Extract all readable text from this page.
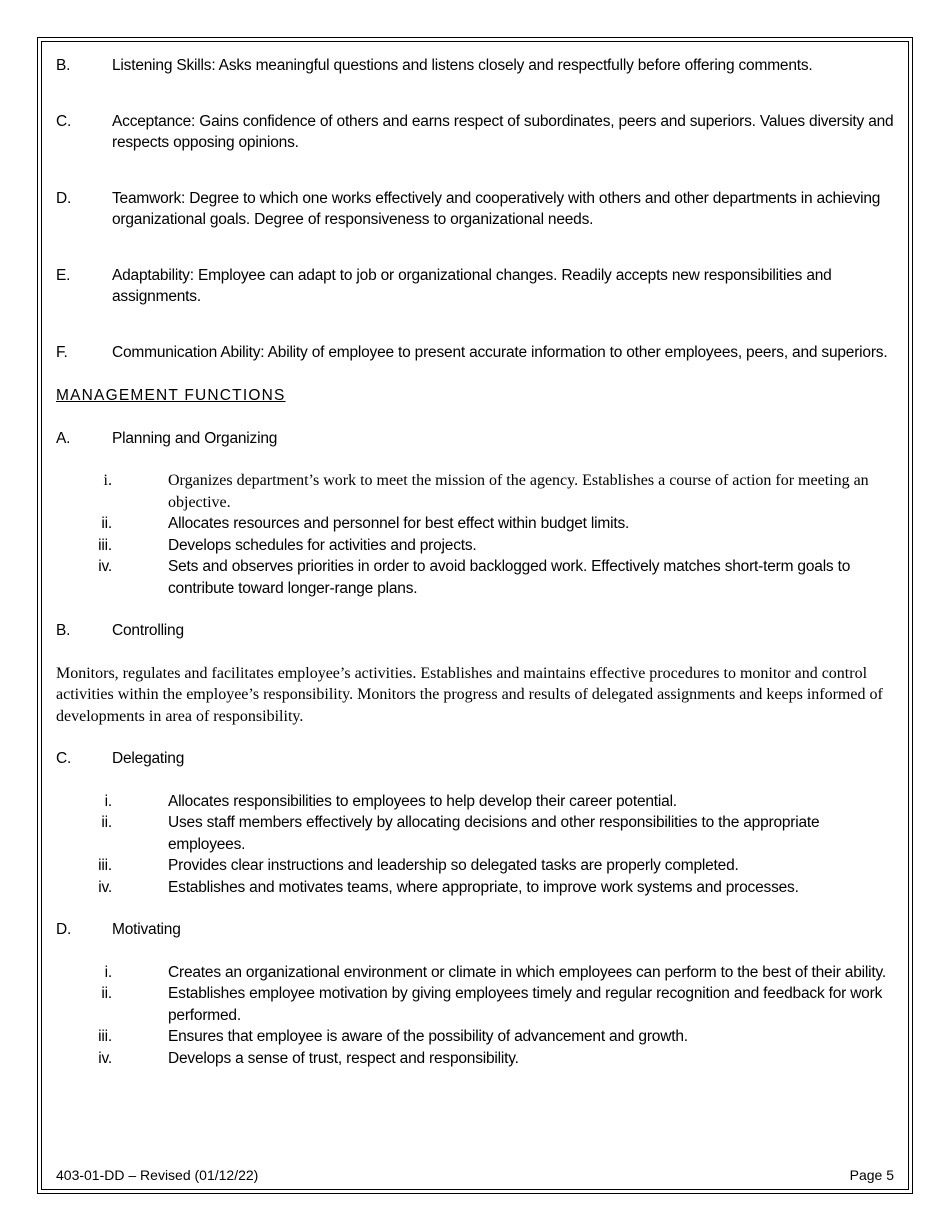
B.	Listening Skills: Asks meaningful questions and listens closely and respectfully before offering comments.
C.	Acceptance: Gains confidence of others and earns respect of subordinates, peers and superiors. Values diversity and respects opposing opinions.
D.	Teamwork: Degree to which one works effectively and cooperatively with others and other departments in achieving organizational goals. Degree of responsiveness to organizational needs.
E.	Adaptability: Employee can adapt to job or organizational changes. Readily accepts new responsibilities and assignments.
F.	Communication Ability: Ability of employee to present accurate information to other employees, peers, and superiors.
MANAGEMENT FUNCTIONS
A.	Planning and Organizing
i.	Organizes department’s work to meet the mission of the agency. Establishes a course of action for meeting an objective.
ii.	Allocates resources and personnel for best effect within budget limits.
iii.	Develops schedules for activities and projects.
iv.	Sets and observes priorities in order to avoid backlogged work. Effectively matches short-term goals to contribute toward longer-range plans.
B.	Controlling
Monitors, regulates and facilitates employee’s activities. Establishes and maintains effective procedures to monitor and control activities within the employee’s responsibility. Monitors the progress and results of delegated assignments and keeps informed of developments in area of responsibility.
C.	Delegating
i.	Allocates responsibilities to employees to help develop their career potential.
ii.	Uses staff members effectively by allocating decisions and other responsibilities to the appropriate employees.
iii.	Provides clear instructions and leadership so delegated tasks are properly completed.
iv.	Establishes and motivates teams, where appropriate, to improve work systems and processes.
D.	Motivating
i.	Creates an organizational environment or climate in which employees can perform to the best of their ability.
ii.	Establishes employee motivation by giving employees timely and regular recognition and feedback for work performed.
iii.	Ensures that employee is aware of the possibility of advancement and growth.
iv.	Develops a sense of trust, respect and responsibility.
403-01-DD – Revised (01/12/22)	Page 5
